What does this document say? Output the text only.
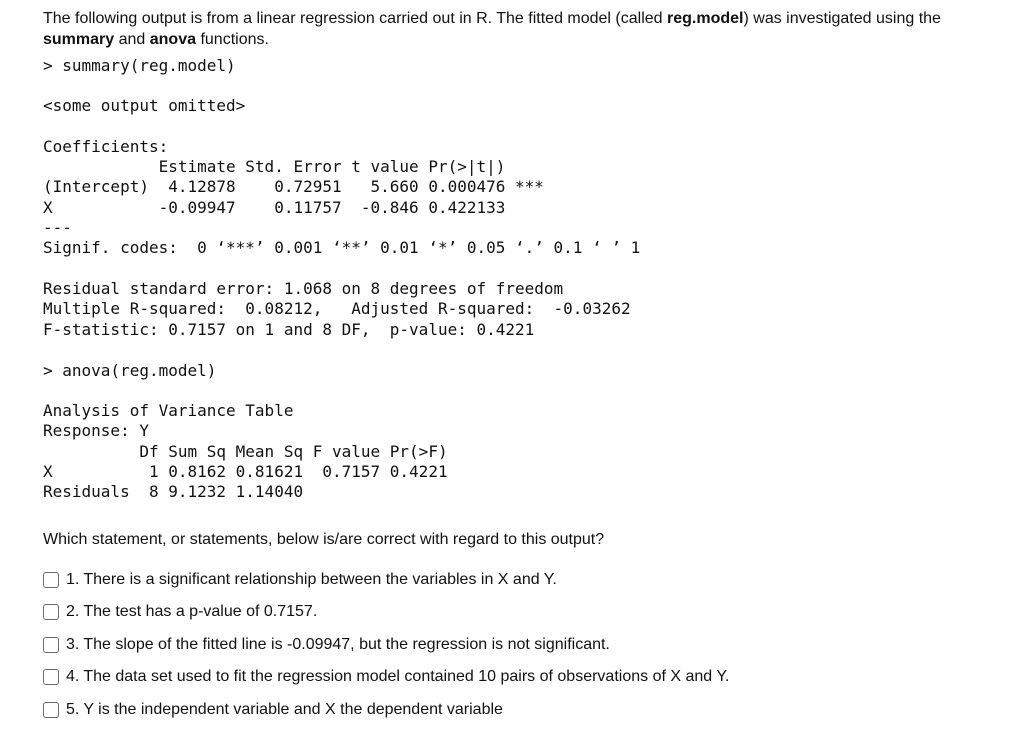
The following output is from a linear regression carried out in R. The fitted model (called reg.model) was investigated using the summary and anova functions.

> summary(reg.model)
<some output omitted>
Coefficients:
Estimate Std. Error t value Pr(>|t|)
(Intercept)  4.12878    0.72951   5.660 0.000476 ***
X           -0.09947    0.11757  -0.846 0.422133
---
Signif. codes:  0 ‘***’ 0.001 ‘**’ 0.01 ‘*’ 0.05 ‘.’ 0.1 ‘ ’ 1
Residual standard error: 1.068 on 8 degrees of freedom
Multiple R-squared:  0.08212,	Adjusted R-squared:  -0.03262
F-statistic: 0.7157 on 1 and 8 DF,  p-value: 0.4221
> anova(reg.model)
Analysis of Variance Table
Response: Y
Df Sum Sq Mean Sq F value Pr(>F)
X          1 0.8162 0.81621  0.7157 0.4221
Residuals  8 9.1232 1.14040

Which statement, or statements, below is/are correct with regard to this output?

1. There is a significant relationship between the variables in X and Y.
2. The test has a p-value of 0.7157.
3. The slope of the fitted line is -0.09947, but the regression is not significant.
4. The data set used to fit the regression model contained 10 pairs of observations of X and Y.
5. Y is the independent variable and X the dependent variable
